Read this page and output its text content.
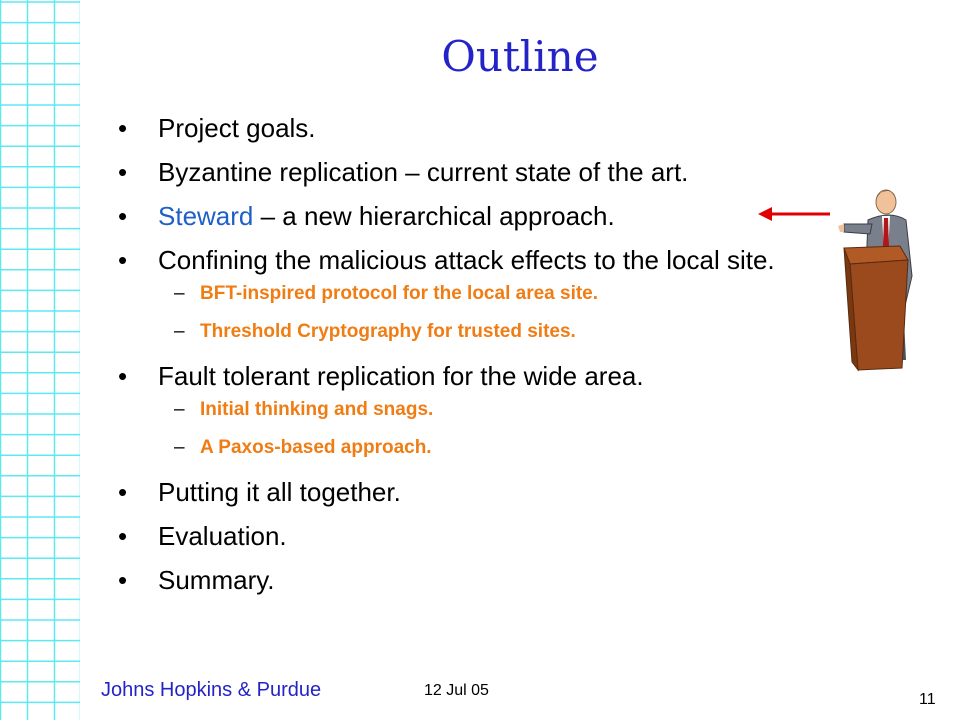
Outline
• Project goals.
• Byzantine replication – current state of the art.
• Steward – a new hierarchical approach.
• Confining the malicious attack effects to the local site.
– BFT-inspired protocol for the local area site.
– Threshold Cryptography for trusted sites.
• Fault tolerant replication for the wide area.
– Initial thinking and snags.
– A Paxos-based approach.
• Putting it all together.
• Evaluation.
• Summary.
Johns Hopkins & Purdue	12 Jul 05
11
